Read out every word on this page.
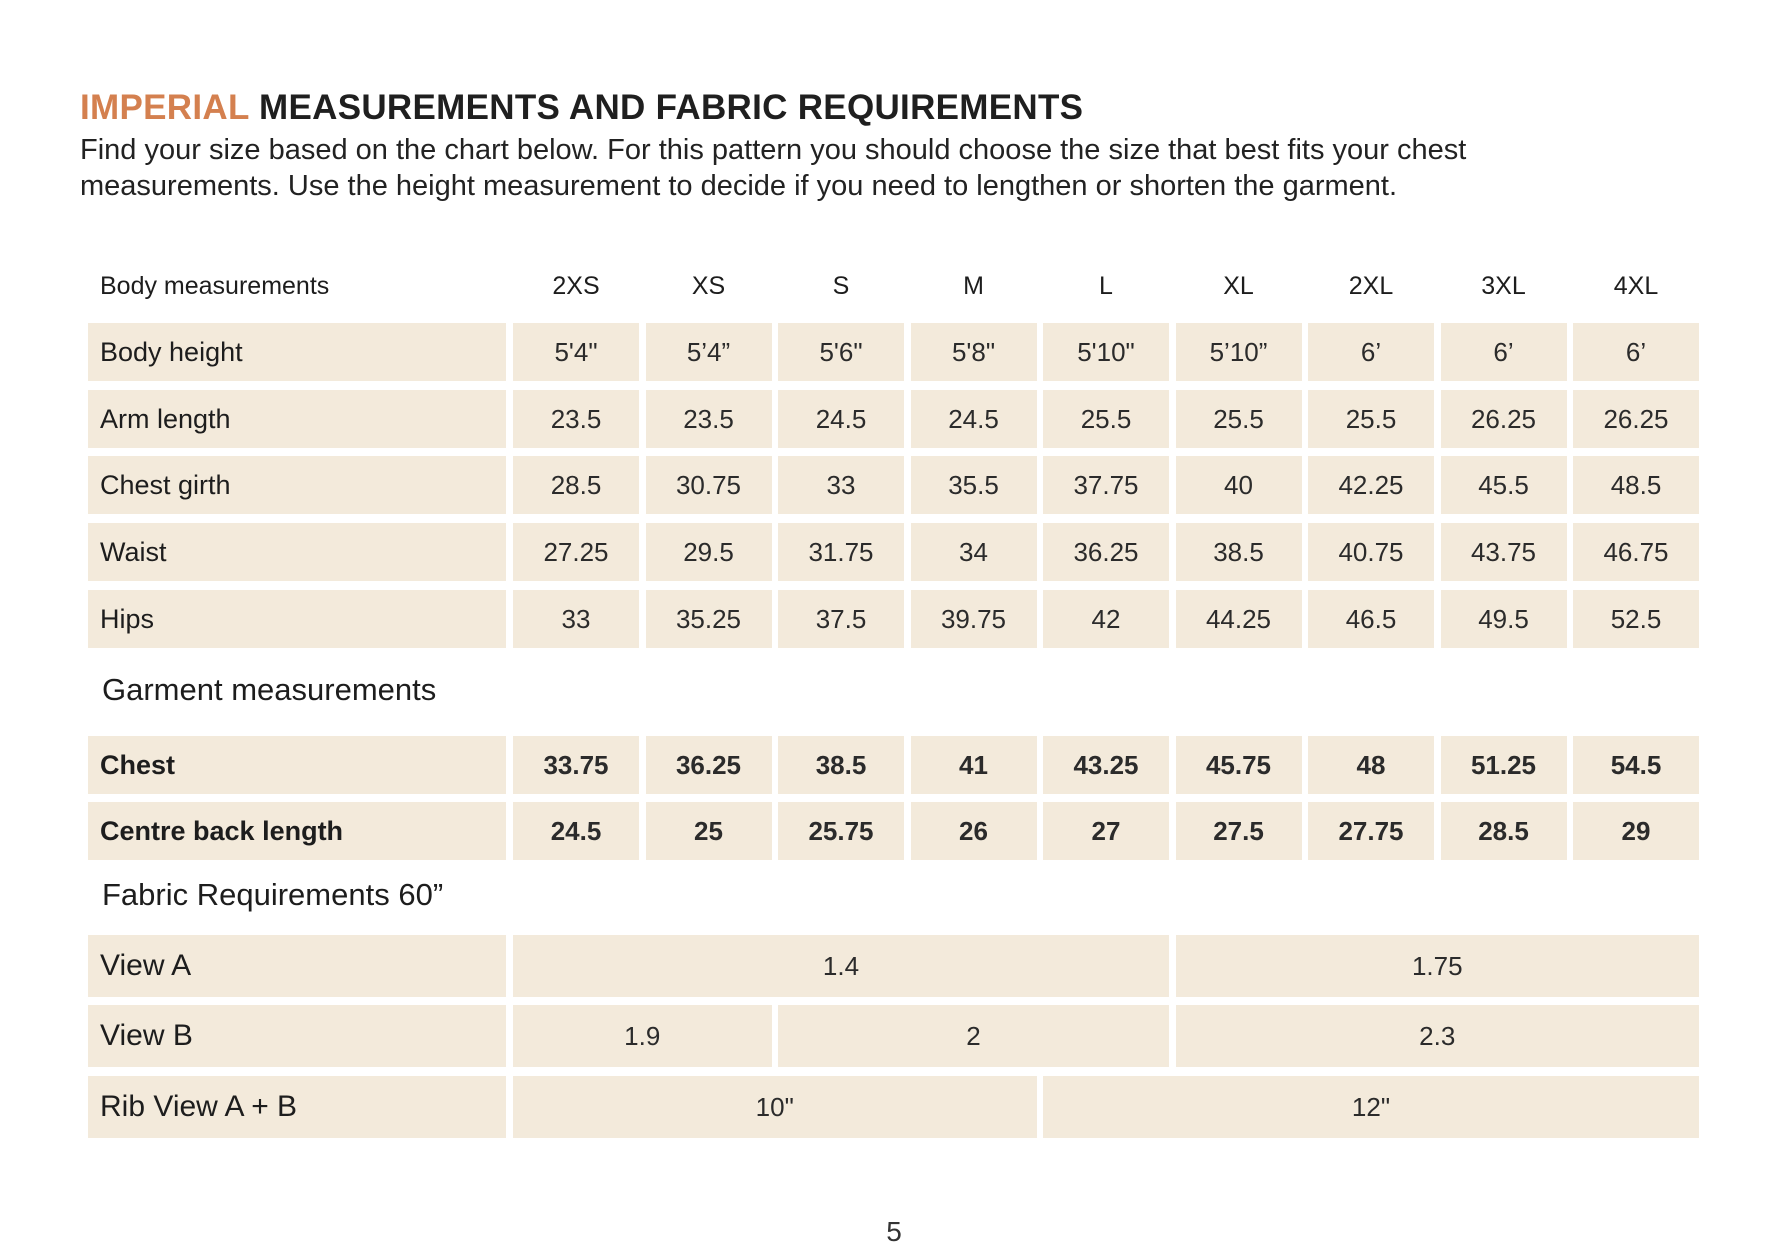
IMPERIAL MEASUREMENTS AND FABRIC REQUIREMENTS

Find your size based on the chart below. For this pattern you should choose the size that best fits your chest measurements. Use the height measurement to decide if you need to lengthen or shorten the garment.

Body measurements	2XS	XS	S	M	L	XL	2XL	3XL	4XL
Body height	5'4"	5’4”	5'6"	5'8"	5'10"	5’10”	6’	6’	6’
Arm length	23.5	23.5	24.5	24.5	25.5	25.5	25.5	26.25	26.25
Chest girth	28.5	30.75	33	35.5	37.75	40	42.25	45.5	48.5
Waist	27.25	29.5	31.75	34	36.25	38.5	40.75	43.75	46.75
Hips	33	35.25	37.5	39.75	42	44.25	46.5	49.5	52.5
Garment measurements
Chest	33.75	36.25	38.5	41	43.25	45.75	48	51.25	54.5
Centre back length	24.5	25	25.75	26	27	27.5	27.75	28.5	29
Fabric Requirements 60”
View A	1.4	1.75
View B	1.9	2	2.3
Rib View A + B	10"	12"
5
